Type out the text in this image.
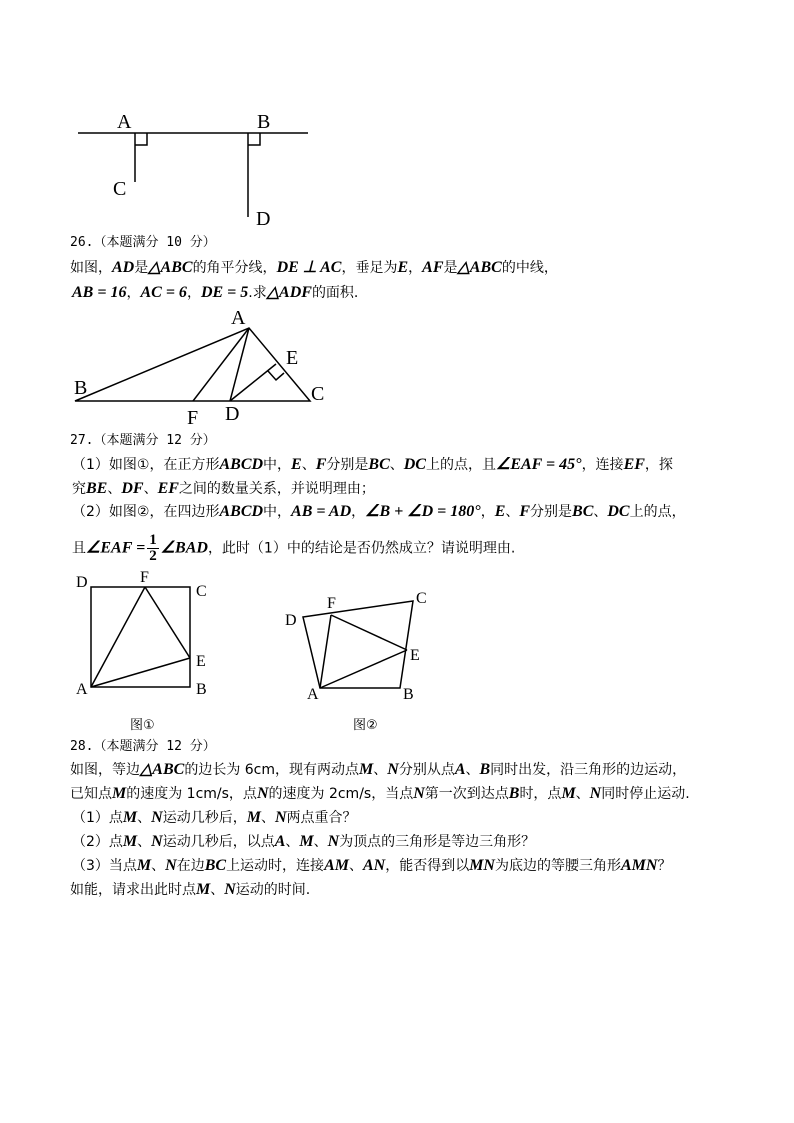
A	B
C
D
A
B	C
D
E
F
D	F
C
E
A	B
图①
D
F	C
E
A	B
图②
26.（本题满分 10 分）
如图，AD是△ABC的角平分线，DE ⊥ AC，垂足为E，AF是△ABC的中线，
AB = 16，AC = 6，DE = 5.求△ADF的面积.
27.（本题满分 12 分）
（1）如图①，在正方形ABCD中，E、F分别是BC、DC上的点，且∠EAF = 45°，连接EF，探
究BE、DF、EF之间的数量关系，并说明理由；
（2）如图②，在四边形ABCD中，AB = AD，∠B + ∠D = 180°，E、F分别是BC、DC上的点，
且∠EAF = $\frac{1}{2}$ ∠BAD，此时（1）中的结论是否仍然成立？请说明理由.
28.（本题满分 12 分）
如图，等边△ABC的边长为 6cm，现有两动点M、N分别从点A、B同时出发，沿三角形的边运动，
已知点M的速度为 1cm/s，点N的速度为 2cm/s，当点N第一次到达点B时，点M、N同时停止运动.
（1）点M、N运动几秒后，M、N两点重合？
（2）点M、N运动几秒后，以点A、M、N为顶点的三角形是等边三角形？
（3）当点M、N在边BC上运动时，连接AM、AN，能否得到以MN为底边的等腰三角形AMN？
如能，请求出此时点M、N运动的时间.
